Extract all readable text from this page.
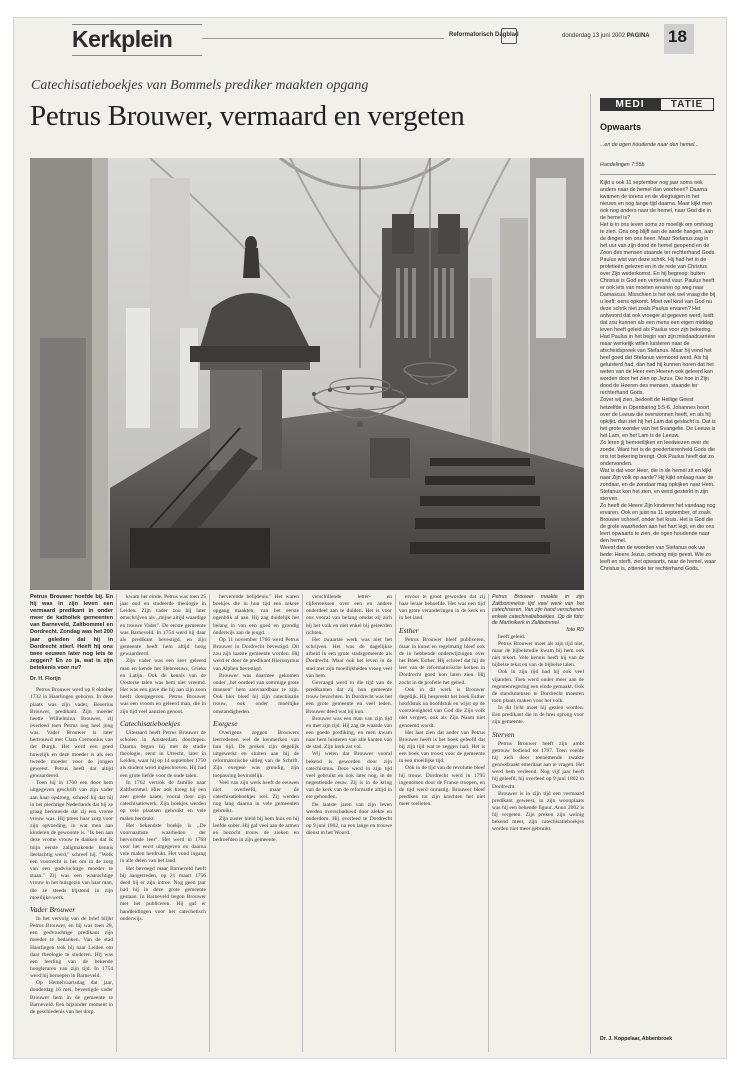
Kerkplein	Reformatorisch Dagblad	donderdag 13 juni 2002 PAGINA 18
Catechisatieboekjes van Bommels prediker maakten opgang
Petrus Brouwer, vermaard en vergeten

Petrus Brouwer hoefde bij. En hij was in zijn leven een vermaard predikant in onder meer de katholiek gemeenten van Barneveld, Zaltbommel en Dordrecht. Zondag was het 200 jaar geleden dat hij in Dordrecht stierf. Heeft hij ons twee eeuwen later nog iets te zeggen? En zo ja, wat is zijn betekenis voor nu?

Dr. H. Florijn

Petrus Brouwer werd op 8 oktober 1732 in Haarlingen geboren. In deze plaats was zijn vader, Benerius Brouwer, predikant. Zijn moeder heette Wilhelmina Brouwer, zij overleed toen Petrus nog heel jong was. Vader Brouwer is later hertrouwd met Clara Cremonius van der Burgh. Het werd een goed huwelijk en deze moeder is als een tweede moeder voor de jongen geweest. Petrus heeft dat altijd gewaardeerd.

Toen hij in 1760 een door hem uitgegeven geschrift van zijn vader aan haar opdroeg, schreef hij dat hij in het plechtige Nederlands dat hij ze graag herinnerde dat zij een vrome vrouw was. Hij prees haar zorg voor zijn opvoeding, in wat men aan kinderen de gewoonte is. "Ik ben aan deze vrome vrouw te danken dat ik mijn eerste zaligmakende kennis deelachtig werd," schreef hij. "Welk een voorrecht is het om in de zorg van een godvruchtige moeder te staan." Zij was een waarachtige vrouw in het huisgezin van haar man, die ze steeds bijstond in zijn moeilijke werk.

Vader Brouwer

In het vervolg van de brief blijkt Petrus Brouwer, en hij was toen 28, een godvruchtige predikant zijn moeder te bedanken. Van de stad Haarlingen trok hij naar Leiden om daar theologie te studeren. Hij was een leerling van de bekende hoogleraren van zijn tijd. In 1754 werd hij beroepen in Barneveld.

Op Hemelvaartsdag dat jaar, donderdag 16 mei, bevestigde vader Brouwer hem in de gemeente te Barneveld. Een bijzonder moment in de geschiedenis van het dorp.

kwam het einde. Petrus was toen 25 jaar oud en studeerde theologie in Leiden. Zijn vader zou hij later omschrijven als ,,mijne altijd waardige en trouwe Vader". De eerste gemeente was Barneveld. In 1754 werd hij daar als predikant bevestigd, en zijn gemeente heeft hem altijd hoog gewaardeerd.

Zijn vader was een zeer geleerd man en kende het Hebreeuws, Grieks en Latijn. Ook de kennis van de Oosterse talen was hem niet vreemd. Het was een gave die hij aan zijn zoon heeft doorgegeven. Petrus Brouwer was een vroom en geleerd man, die in zijn tijd veel aanzien genoot.

Catechisatieboekjes

Uiteraard heeft Petrus Brouwer de scholen in Amsterdam doorlopen. Daarna begon hij met de studie theologie, eerst in Utrecht, later in Leiden, waar hij op 14 september 1750 als student werd ingeschreven. Hij had een grote liefde voor de oude talen.

In 1762 vertrok de familie naar Zaltbommel. Hier ook kreeg hij een zeer goede naam, vooral door zijn catechisatiewerk. Zijn boekjes werden op vele plaatsen gebruikt en vele malen herdrukt.

Het bekendste boekje is ,,De voornaamste waarheden der hervormde leer". Het werd in 1768 voor het eerst uitgegeven en daarna vele malen herdrukt. Het vond ingang in alle delen van het land.

Het bevoegd maar Barneveld heeft hij aangetreden, op 21 maart 1756 deed hij er zijn intree. Nog geen jaar had hij in deze grote gemeente gestaan. In Barneveld begon Brouwer met het publiceren. Hij gaf er handleidingen voor het catechetisch onderwijs.

herverende belijdenis." Het waren boekjes die in hun tijd een zekere opgang maakten, van het eerste ogenblik af aan. Hij zag duidelijk het belang in van een goed en grondig onderwijs aan de jeugd.

Op 11 november 1766 werd Petrus Brouwer in Dordrecht bevestigd. Dit zou zijn laatste gemeente worden. Hij werd er door de predikant Hieronymus van Alphen bevestigd.

Brouwer was daarmee gekomen onder ,,het oordeel van sommige grote mannen" hem aanvaardbaar te zijn. Ook hier bleef hij zijn catechisatie trouw, ook onder moeilijke omstandigheden.

Exegese

Overigens zeggen Brouwers leerredenen wel de kenmerken van hun tijd. De preken zijn degelijk uitgewerkt en sluiten aan bij de reformatorische uitleg van de Schrift. Zijn exegese was grondig, zijn toepassing bevindelijk.

Veel van zijn werk heeft de eeuwen niet overleefd, maar de catechisatieboekjes wel. Zij werden nog lang daarna in vele gemeenten gebruikt.

Zijn zuster hield bij hem huis en hij leefde sober. Hij gaf veel aan de armen en bezocht trouw de zieken en bedroefden in zijn gemeente.

verschillende letter- en cijferreeksen over een en andere onderdeel aan te duiden. Het is voor ons vooral van belang omdat zij zich bij het volk en niet enkel bij geleerden richten.

Het zwaarste werk was niet het schrijven. Het was de dagelijkse arbeid in een grote stadsgemeente als Dordrecht. Maar ook het leven in de stad met zijn moeilijkheden vroeg veel van hem.

Gevraagd werd in die tijd van de predikanten dat zij hun gemeente trouw bezochten. In Dordrecht was het een grote gemeente en veel leden. Brouwer deed wat hij kon.

Brouwer was een man van zijn tijd en met zijn tijd. Hij zag de waarde van een goede prediking, en men kwam naar hem luisteren van alle kanten van de stad. Zijn kerk zat vol.

Wij weten dat Brouwer vooral bekend is geworden door zijn catechismus. Deze werd in zijn tijd veel gebruikt en ook later nog, in de negentiende eeuw. Zij is in de kring van de kerk van de reformatie altijd in ere gehouden.

De laatste jaren van zijn leven werden overschaduwd door ziekte en ouderdom. Hij overleed te Dordrecht op 9 juni 1802, na een lange en trouwe dienst in het Woord.

ervoor te groot geworden dat zij haar leraar behoefde. Het was een tijd van grote veranderingen in de kerk en in het land.

Esther

Petrus Brouwer bleef publiceren, maar in kunst en regelmatig bleef ook de in hebbende onderwijzingen over het Boek Esther. Hij schreef dat hij de leer van de reformatorische kerken in Dordrecht goed kon laten zien. Hij zocht in de profetie het gebed.

Ook in dit werk is Brouwer degelijk. Hij bespreekt het boek Esther hoofdstuk na hoofdstuk en wijst op de voorzienigheid van God die Zijn volk niet vergeet, ook als Zijn Naam niet genoemd wordt.

Het laat zien dat ander van Petrus Brouwer heeft is het boek geleefd dat bij zijn tijd wat te zeggen had. Het is een boek van troost voor de gemeente in een moeilijke tijd.

Ook in de tijd van de revolutie bleef hij trouw. Dordrecht werd in 1795 ingenomen door de Franse troepen, en de tijd werd onrustig. Brouwer bleef prediken tot zijn krachten het niet meer toelieten.

Petrus Brouwer maakte in zijn Zaltbommelse tijd veel werk van het catechiseren. Van zijn hand verschenen enkele catechisatieboekjes. Op de foto: de Martinikerk in Zaltbommel.

foto RD

heeft geleid.

Petrus Brouwer moet als zijn tijd niet, maar de bijbelstudie kwam bij hem ook niet tekort. Vele kennis heeft hij van de bijbelse tekst en van de bijbelse talen.

Ook in zijn tijd had hij ook veel vijanden. Toen werd onder meer aan de regentenregering een einde gemaakt. Ook de standsmensen te Dordrecht moesten toen plaats maken voor het volk.

In dit licht moet hij gezien worden. Een predikant die in de bres sprong voor zijn gemeente.

Sterven

Petrus Brouwer heeft zijn ambt getrouw bediend tot 1797. Toen voelde hij zich door toenemende zwakte genoodzaakt emeritaat aan te vragen. Het werd hem verleend. Nog vijf jaar heeft hij geleefd, hij overleed op 9 juni 1802 in Dordrecht.

Brouwer is in zijn tijd een vermaard predikant geweest, in zijn woonplaats was hij een bekende figuur. Anno 2002 is hij vergeten. Zijn preken zijn weinig bekend meer, zijn catechisatieboekjes worden niet meer gebruikt.

MEDI	TATIE
Opwaarts
...en de ogen houdende naar den hemel...
Handelingen 7:55b

Kijkt u ook 11 september nog jaar soms ook anders naar de hemel dan voorheen? Daarna kwamen de torens en de vliegtuigen in het nieuws en nog lange tijd daarna. Maar kijkt men ook nog anders naar de hemel, naar God die in de hemel is?

Het is in ons leven soms zo moeilijk om omhoog te zien. Ons oog blijft aan de aarde hangen, aan de dingen om ons heen. Maar Stefanus zag in het uur van zijn dood de hemel geopend en de Zoon des mensen staande ter rechterhand Gods.

Paulus wist van deze schrik. Hij had het in de profetieën gelezen en in de rede van Christus over Zijn wederkomst. En hij begreep: buiten Christus is God een verterend vuur. Paulus heeft er ook iets van moeten ervaren op weg naar Damascus. Misschien is het ook wel vraag die bij u leeft: eens opkomt. Moet wel kind van God nu deze schrik niet zoals Paulus ervaren? Het antwoord dat ook vroeger al gegeven werd, luidt: dat zou kunnen als een mens een eigen middag leven heeft geleid als Paulus voor zijn bekering.

Had Paulus in het begin van zijn misdaadcarrière maar werkelijk willen luisteren naar de afscheidspreek van Stefanus. Maar hij vond het heel goed dat Stefanus vermoord werd. Als hij geluisterd had, dan had hij kunnen horen dat het weten van de Heer een Heeren ook geleerd kan worden door het zien op Jezus. Die hoe in Zijn dood de Heeren des mensen, staande ter rechterhand Gods.

Zover wij zien, bedoelt de Heilige Geest hetzelfde in Openbaring 5:5-6. Johannes hoort over de Leeuw die overwonnen heeft, en als hij opkijkt, dan ziet hij het Lam dat geslacht is. Dat is het grote wonder van het Evangelie. De Leeuw is het Lam, en het Lam is de Leeuw.

Zo leren jij bemoeilijken en leedwezen over de zonde. Want het is de goedertierenheid Gods die ons tot bekering brengt. Ook Paulus heeft dat zo ondervonden.

Wat is dat voor Heer, die in de hemel zit en kijkt naar Zijn volk op aarde? Hij kijkt omlaag naar de zondaar, en de zondaar mag opkijken naar Hem. Stefanus kon het zien, en werd gesterkt in zijn sterven.

Zo heeft de Heere Zijn kinderen het vandaag nog ervaren. Ook en juist na 11 september, of zoals Brouwer schreef, onder het kruis. Het is God die de grote waarheden aan het hart legt, en die ons leert opwaarts te zien, de ogen houdende naar den hemel.

Weest dan de woorden van Stefanus ook uw bede: Heere Jezus, ontvang mijn geest. Wie zo leeft en sterft, ziet opwaarts, naar de hemel, waar Christus is, zittende ter rechterhand Gods.

Dr. J. Koppelaar, Abbenbroek
